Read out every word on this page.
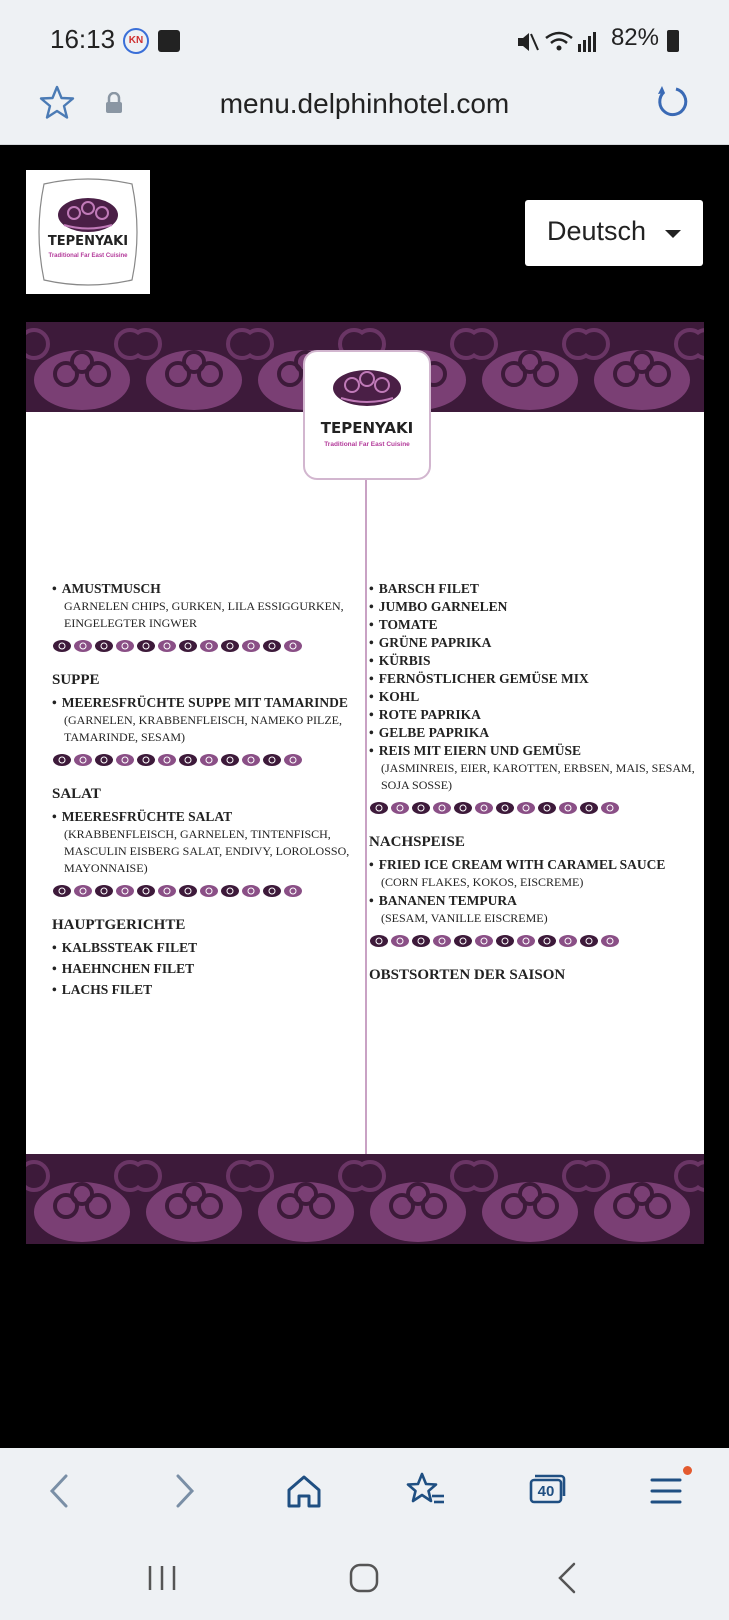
16:13	KN	82%
menu.delphinhotel.com
TEPENYAKI
Traditional Far East Cuisine
Deutsch
TEPENYAKI
Traditional Far East Cuisine

• AMUSTMUSCH

GARNELEN CHIPS, GURKEN, LILA ESSIGGURKEN, EINGELEGTER INGWER

SUPPE

• MEERESFRÜCHTE SUPPE MIT TAMARINDE

(GARNELEN, KRABBENFLEISCH, NAMEKO PILZE, TAMARINDE, SESAM)

SALAT

• MEERESFRÜCHTE SALAT

(KRABBENFLEISCH, GARNELEN, TINTENFISCH, MASCULIN EISBERG SALAT, ENDIVY, LOROLOSSO, MAYONNAISE)

HAUPTGERICHTE

• KALBSSTEAK FILET

• HAEHNCHEN FILET

• LACHS FILET

• BARSCH FILET

• JUMBO GARNELEN

• TOMATE

• GRÜNE PAPRIKA

• KÜRBIS

• FERNÖSTLICHER GEMÜSE MIX

• KOHL

• ROTE PAPRIKA

• GELBE PAPRIKA

• REIS MIT EIERN UND GEMÜSE

(JASMINREIS, EIER, KAROTTEN, ERBSEN, MAIS, SESAM, SOJA SOSSE)

NACHSPEISE

• FRIED ICE CREAM WITH CARAMEL SAUCE

(CORN FLAKES, KOKOS, EISCREME)

• BANANEN TEMPURA

(SESAM, VANILLE EISCREME)

OBSTSORTEN DER SAISON

40
